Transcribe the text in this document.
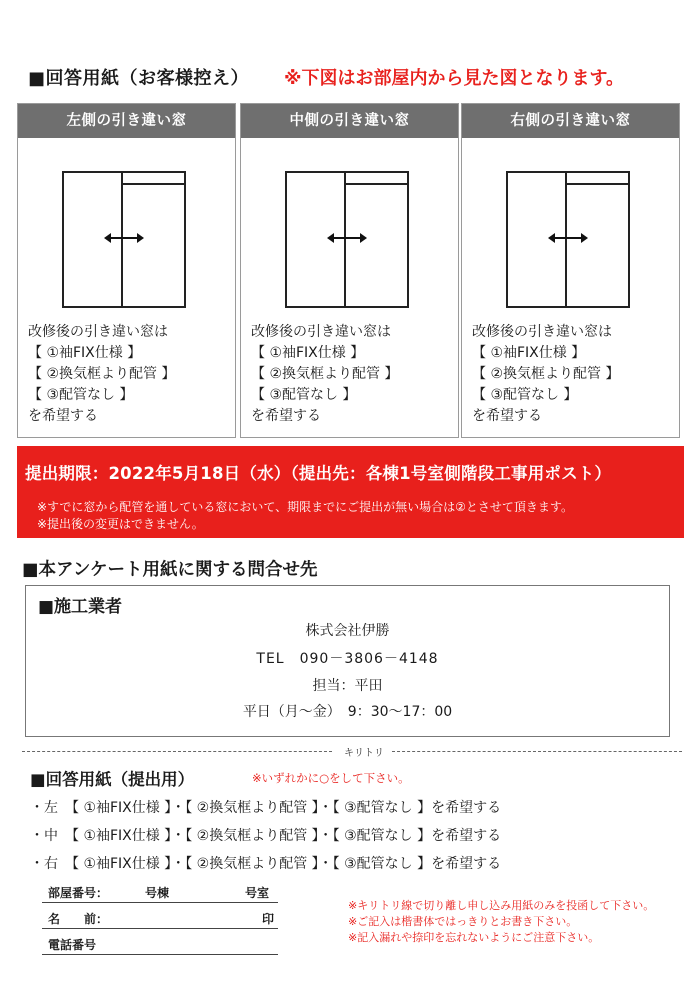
■回答用紙（お客様控え） ※下図はお部屋内から見た図となります。
左側の引き違い窓
改修後の引き違い窓は
【 ①袖FIX仕様 】
【 ②換気框より配管 】
【 ③配管なし 】
を希望する
中側の引き違い窓
改修後の引き違い窓は
【 ①袖FIX仕様 】
【 ②換気框より配管 】
【 ③配管なし 】
を希望する
右側の引き違い窓
改修後の引き違い窓は
【 ①袖FIX仕様 】
【 ②換気框より配管 】
【 ③配管なし 】
を希望する
提出期限：2022年5月18日（水）（提出先：各棟1号室側階段工事用ポスト）
※すでに窓から配管を通している窓において、期限までにご提出が無い場合は②とさせて頂きます。
※提出後の変更はできません。
■本アンケート用紙に関する問合せ先
■施工業者
株式会社伊勝
TEL　090－3806－4148
担当：平田
平日（月～金）　9：30～17：00
キリトリ
■回答用紙（提出用）	※いずれかに○をして下さい。
・左　【 ①袖FIX仕様 】・【 ②換気框より配管 】・【 ③配管なし 】を希望する
・中　【 ①袖FIX仕様 】・【 ②換気框より配管 】・【 ③配管なし 】を希望する
・右　【 ①袖FIX仕様 】・【 ②換気框より配管 】・【 ③配管なし 】を希望する
部屋番号：	号棟	号室
名　　前：	印
電話番号
※キリトリ線で切り離し申し込み用紙のみを投函して下さい。
※ご記入は楷書体ではっきりとお書き下さい。
※記入漏れや捺印を忘れないようにご注意下さい。
